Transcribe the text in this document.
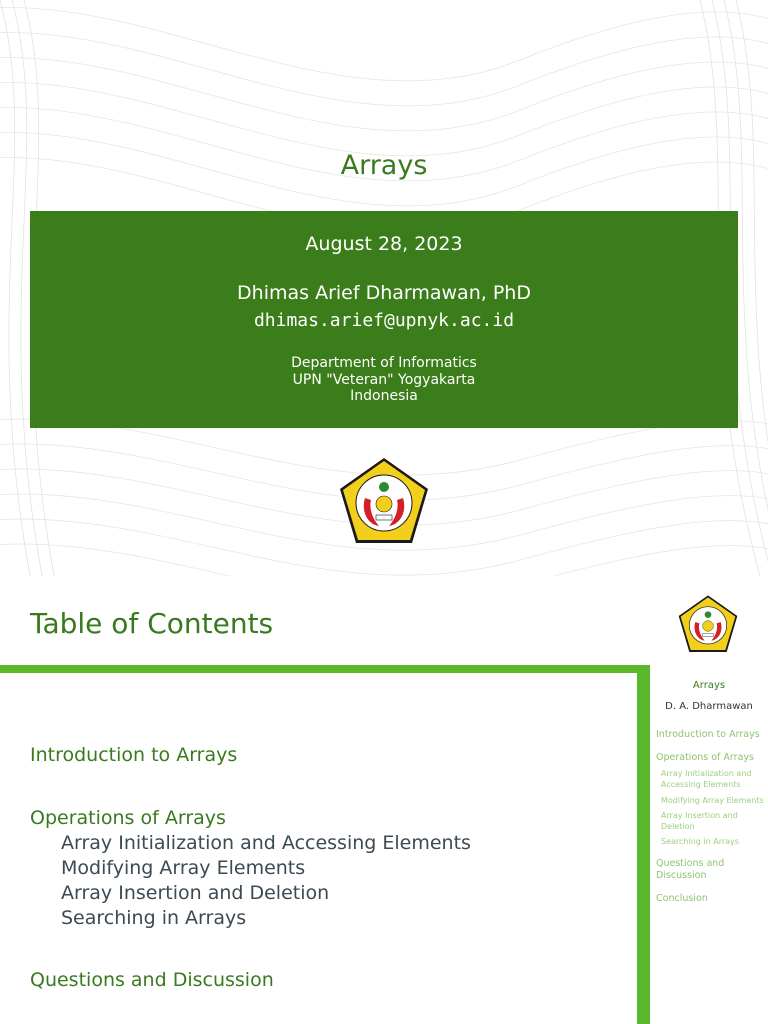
Arrays
August 28, 2023
Dhimas Arief Dharmawan, PhD
dhimas.arief@upnyk.ac.id
Department of Informatics
UPN "Veteran" Yogyakarta
Indonesia
Table of Contents
Arrays
D. A. Dharmawan
Introduction to Arrays
Operations of Arrays
Array Initialization and Accessing Elements
Modifying Array Elements
Array Insertion and Deletion
Searching in Arrays
Questions and Discussion
Conclusion
Introduction to Arrays
Operations of Arrays
Array Initialization and Accessing Elements
Modifying Array Elements
Array Insertion and Deletion
Searching in Arrays
Questions and Discussion
